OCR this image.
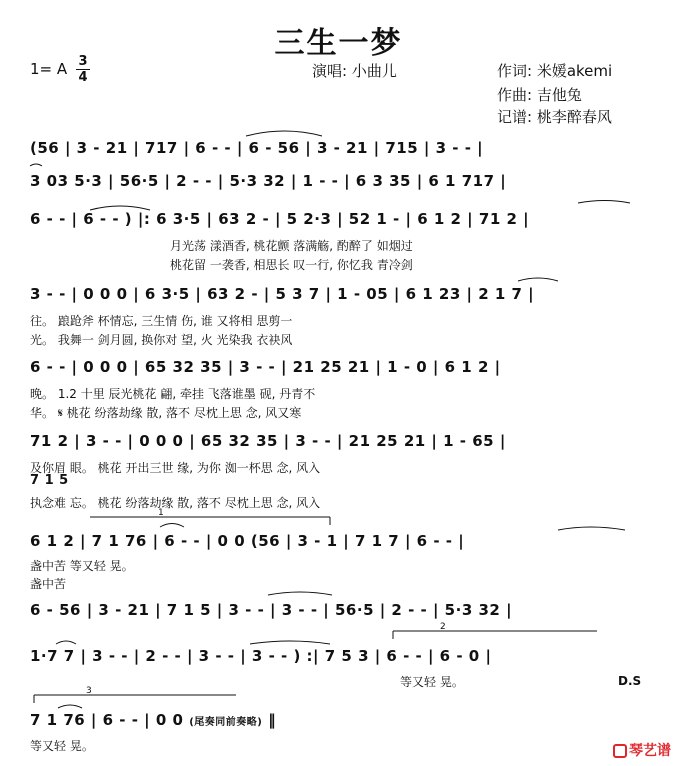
三生一梦
1= A 3
4	演唱: 小曲儿	作词: 米媛akemi
作曲: 吉他兔
记谱: 桃李醉春风
(56 | 3 - 21 | 717 | 6 - - | 6 - 56 | 3 - 21 | 715 | 3 - - |
3 03 5·3 | 56·5 | 2 - - | 5·3 32 | 1 - - | 6 3 35 | 6 1 717 |
6 - - | 6 - - ) |: 6 3·5 | 63 2 - | 5 2·3 | 52 1 - | 6 1 2 | 71 2 |
月光荡 漾酒香, 桃花颤 落满觞, 酌醉了 如烟过
桃花留 一袭香, 相思长 叹一行, 你忆我 青冷剑
3 - - | 0 0 0 | 6 3·5 | 63 2 - | 5 3 7 | 1 - 05 | 6 1 23 | 2 1 7 |
往。 踉跄斧 杯情忘, 三生情 伤, 谁 又将相 思剪一
光。 我舞一 剑月圆, 换你对 望, 火 光染我 衣袂风
6 - - | 0 0 0 | 65 32 35 | 3 - - | 21 25 21 | 1 - 0 | 6 1 2 |
晚。 1.2 十里 辰光桃花 翩, 牵挂 飞落谁墨 砚, 丹青不
华。 𝄋 桃花 纷落劫缘 散, 落不 尽枕上思 念, 风又寒
71 2 | 3 - - | 0 0 0 | 65 32 35 | 3 - - | 21 25 21 | 1 - 65 |
及你眉 眼。 桃花 开出三世 缘, 为你 洳一杯思 念, 风入
7 1 5
执念难 忘。 桃花 纷落劫缘 散, 落不 尽枕上思 念, 风入
6 1 2 | 7 1 76 | 6 - - | 0 0 (56 | 3 - 1 | 7 1 7 | 6 - - |
盏中苦 等又轻 晃。
盏中苦
6 - 56 | 3 - 21 | 7 1 5 | 3 - - | 3 - - | 56·5 | 2 - - | 5·3 32 |
1·7 7 | 3 - - | 2 - - | 3 - - | 3 - - ) :| 7 5 3 | 6 - - | 6 - 0 |
等又轻 晃。	D.S
7 1 76 | 6 - - | 0 0 (尾奏同前奏略) ‖
等又轻 晃。
1
2
3
琴艺谱
